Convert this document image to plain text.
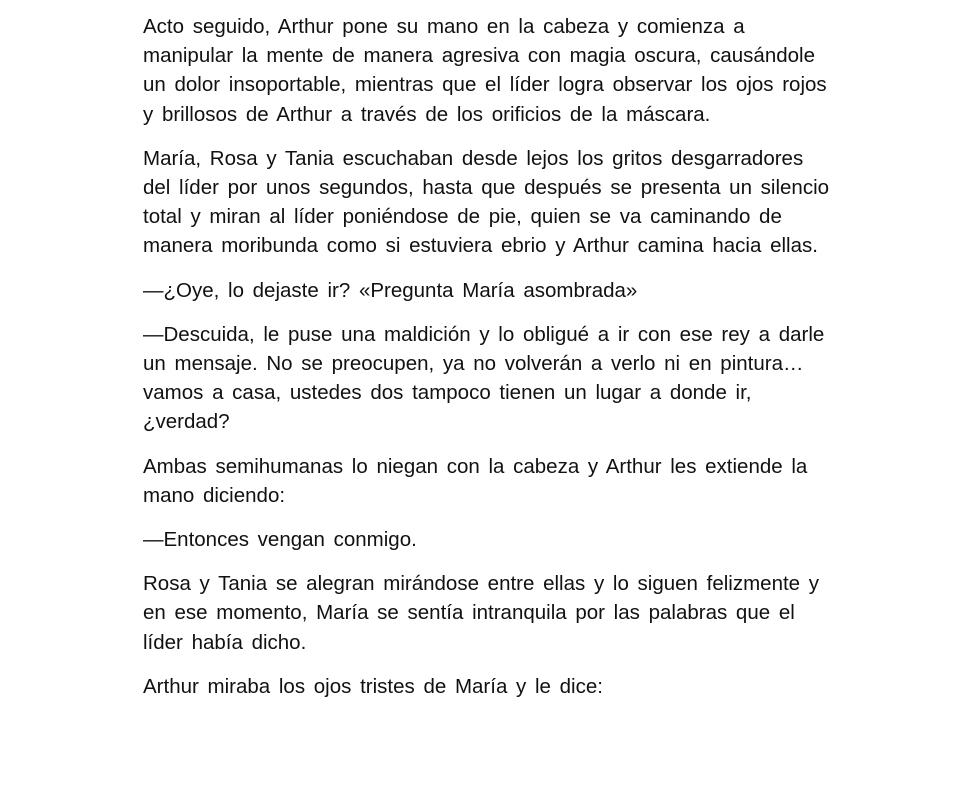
Acto seguido, Arthur pone su mano en la cabeza y comienza a manipular la mente de manera agresiva con magia oscura, causándole un dolor insoportable, mientras que el líder logra observar los ojos rojos y brillosos de Arthur a través de los orificios de la máscara.

María, Rosa y Tania escuchaban desde lejos los gritos desgarradores del líder por unos segundos, hasta que después se presenta un silencio total y miran al líder poniéndose de pie, quien se va caminando de manera moribunda como si estuviera ebrio y Arthur camina hacia ellas.

—¿Oye, lo dejaste ir? «Pregunta María asombrada»

—Descuida, le puse una maldición y lo obligué a ir con ese rey a darle un mensaje. No se preocupen, ya no volverán a verlo ni en pintura… vamos a casa, ustedes dos tampoco tienen un lugar a donde ir, ¿verdad?

Ambas semihumanas lo niegan con la cabeza y Arthur les extiende la mano diciendo:

—Entonces vengan conmigo.

Rosa y Tania se alegran mirándose entre ellas y lo siguen felizmente y en ese momento, María se sentía intranquila por las palabras que el líder había dicho.

Arthur miraba los ojos tristes de María y le dice:
